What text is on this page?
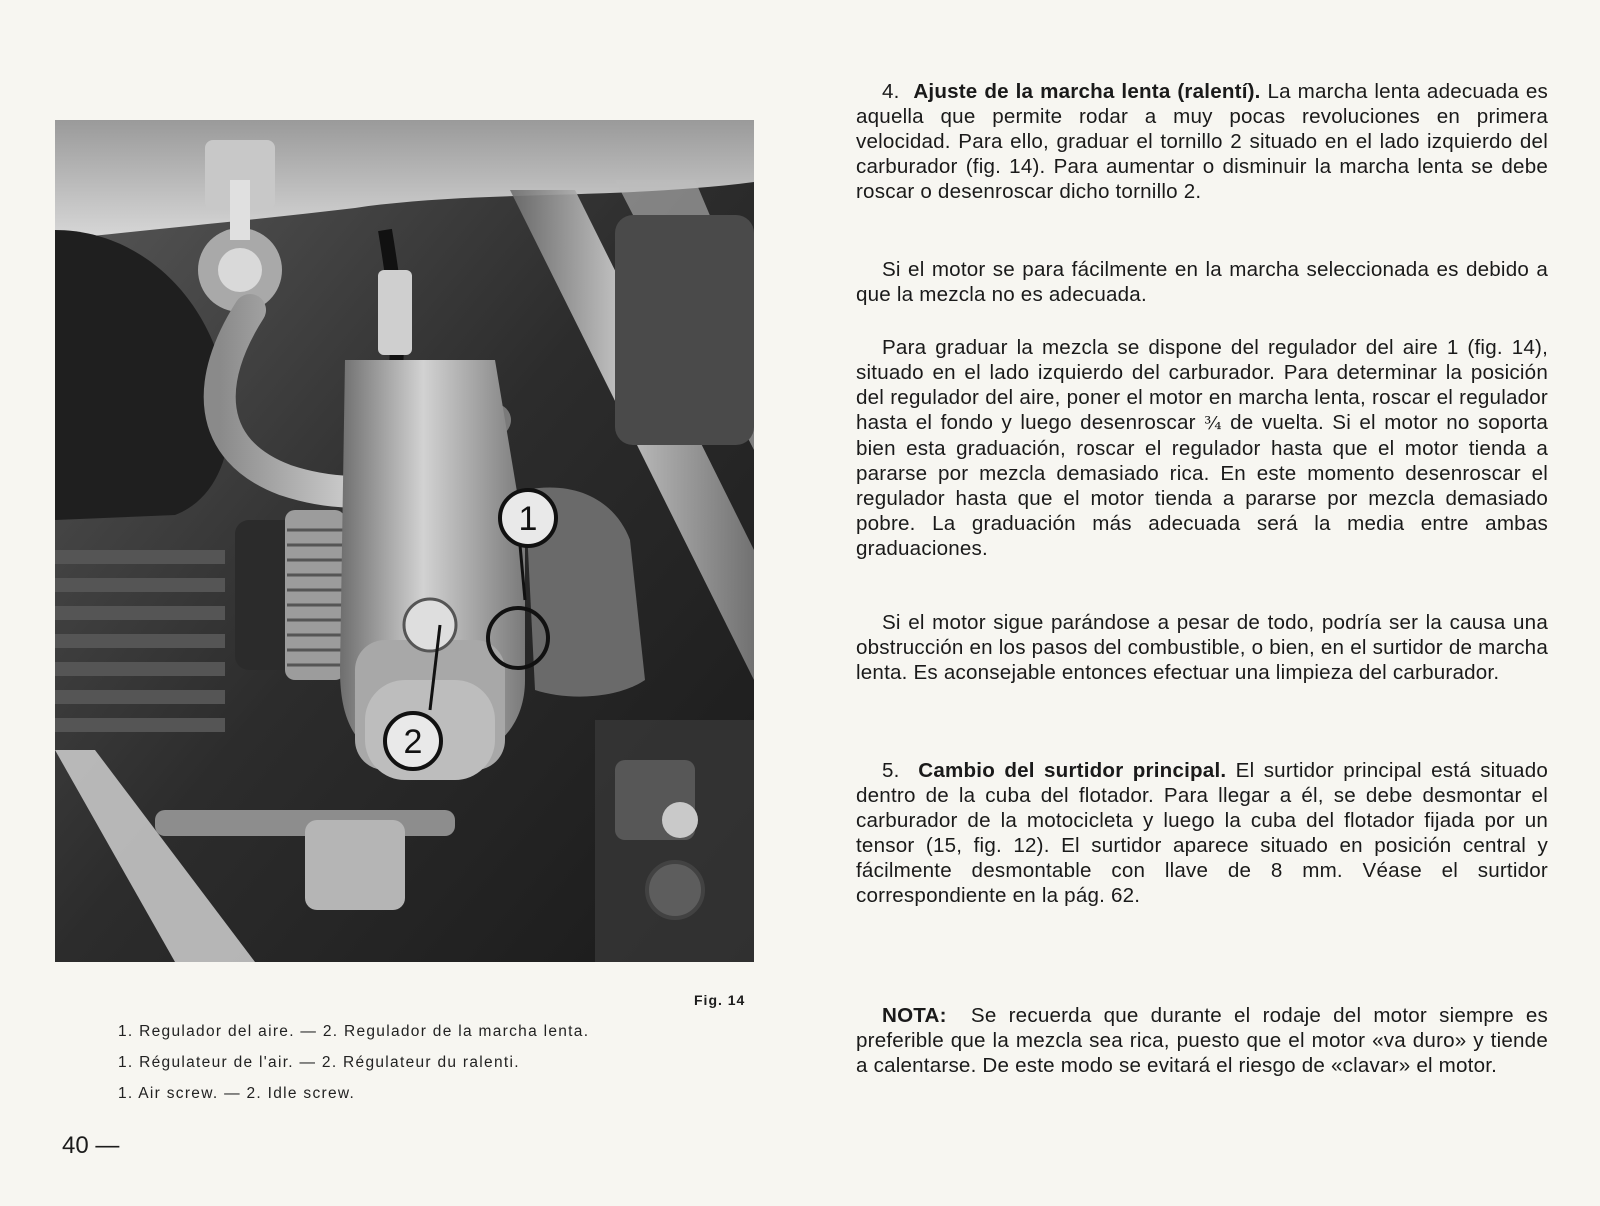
1
2
Fig. 14
1. Regulador del aire. — 2. Regulador de la marcha lenta.
1. Régulateur de l'air. — 2. Régulateur du ralenti.
1. Air screw. — 2. Idle screw.
40 —

4. Ajuste de la marcha lenta (ralentí). La marcha lenta adecuada es aquella que permite rodar a muy pocas revoluciones en primera velocidad. Para ello, graduar el tornillo 2 situado en el lado izquierdo del carburador (fig. 14). Para aumentar o disminuir la marcha lenta se debe roscar o desenroscar dicho tornillo 2.

Si el motor se para fácilmente en la marcha seleccionada es debido a que la mezcla no es adecuada.

Para graduar la mezcla se dispone del regulador del aire 1 (fig. 14), situado en el lado izquierdo del carburador. Para determinar la posición del regulador del aire, poner el motor en marcha lenta, roscar el regulador hasta el fondo y luego desenroscar ¾ de vuelta. Si el motor no soporta bien esta graduación, roscar el regulador hasta que el motor tienda a pararse por mezcla demasiado rica. En este momento desenroscar el regulador hasta que el motor tienda a pararse por mezcla demasiado pobre. La graduación más adecuada será la media entre ambas graduaciones.

Si el motor sigue parándose a pesar de todo, podría ser la causa una obstrucción en los pasos del combustible, o bien, en el surtidor de marcha lenta. Es aconsejable entonces efectuar una limpieza del carburador.

5. Cambio del surtidor principal. El surtidor principal está situado dentro de la cuba del flotador. Para llegar a él, se debe desmontar el carburador de la motocicleta y luego la cuba del flotador fijada por un tensor (15, fig. 12). El surtidor aparece situado en posición central y fácilmente desmontable con llave de 8 mm. Véase el surtidor correspondiente en la pág. 62.

NOTA: Se recuerda que durante el rodaje del motor siempre es preferible que la mezcla sea rica, puesto que el motor «va duro» y tiende a calentarse. De este modo se evitará el riesgo de «clavar» el motor.
